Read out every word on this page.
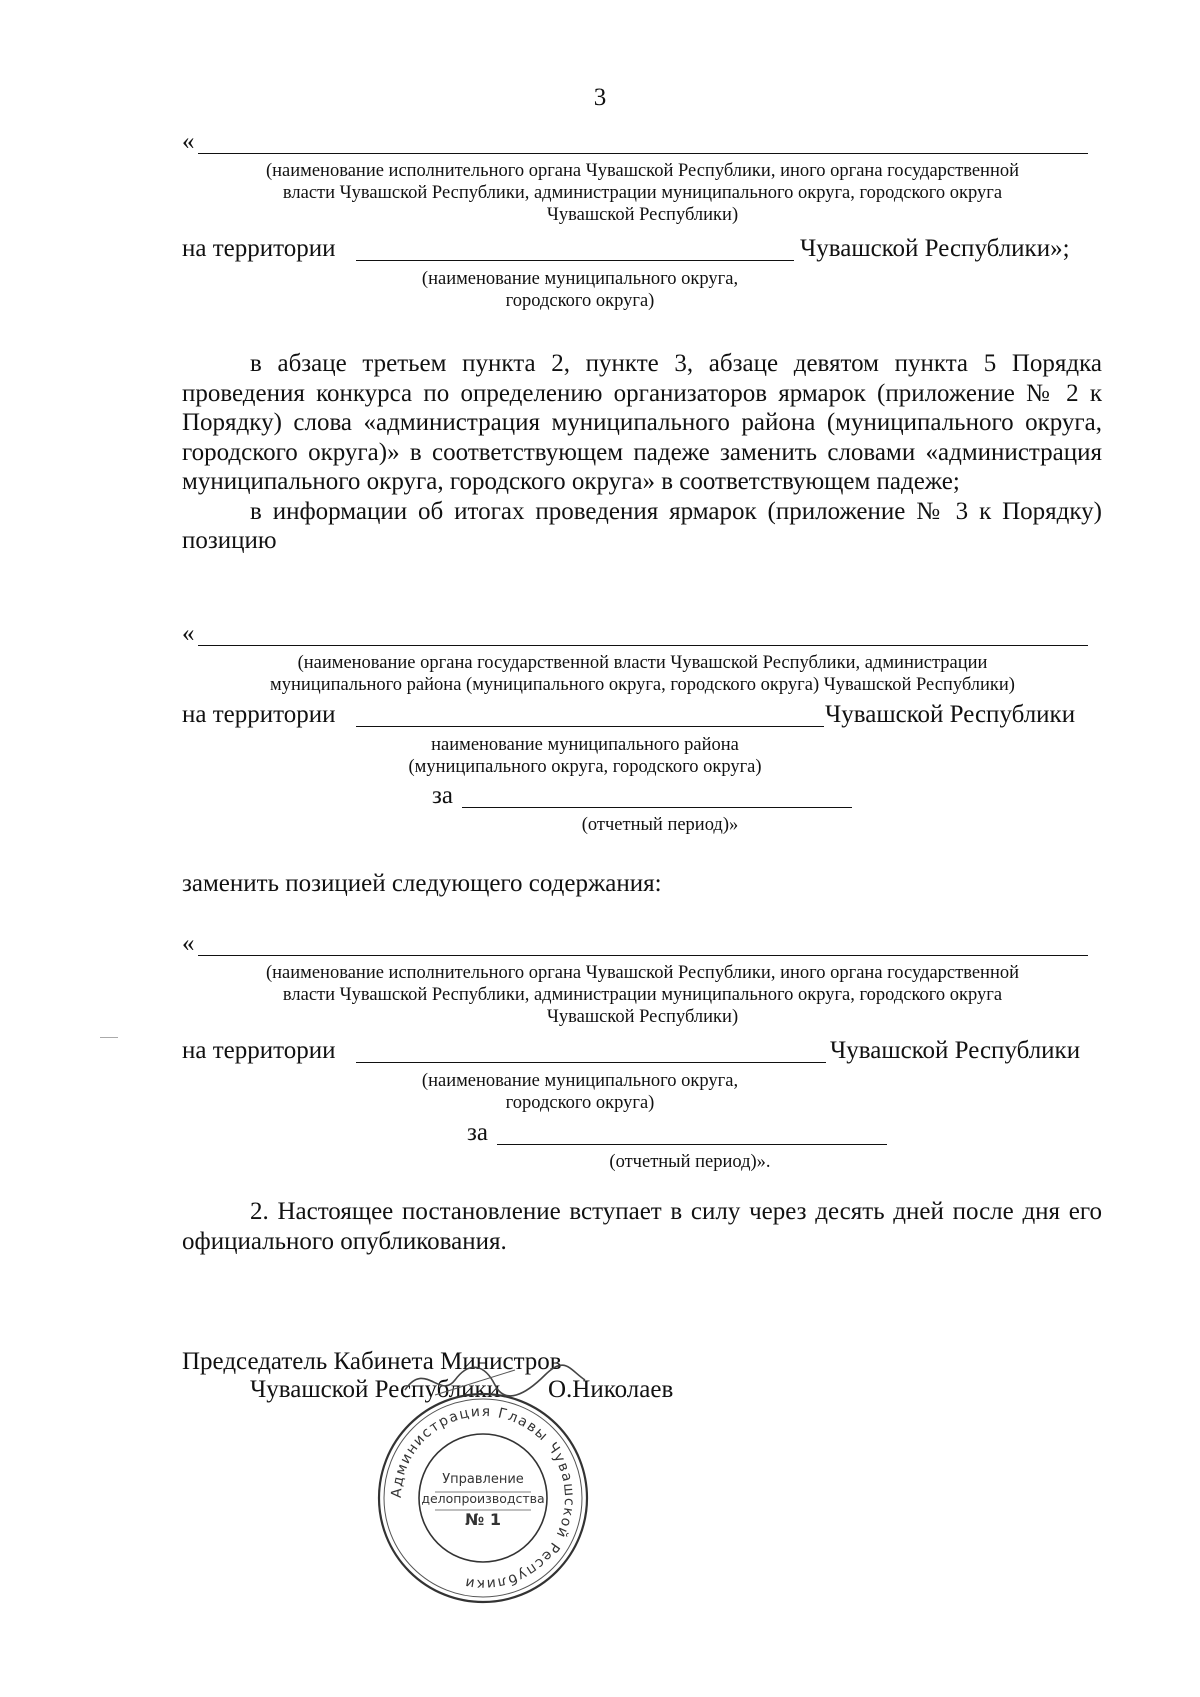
3
«
(наименование исполнительного органа Чувашской Республики, иного органа государственной
власти Чувашской Республики, администрации муниципального округа, городского округа
Чувашской Республики)
на территории	Чувашской Республики»;
(наименование муниципального округа,
городского округа)

в абзаце третьем пункта 2, пункте 3, абзаце девятом пункта 5 Порядка проведения конкурса по определению организаторов ярмарок (приложение № 2 к Порядку) слова «администрация муниципального района (муниципального округа, городского округа)» в соответствующем падеже заменить словами «администрация муниципального округа, городского округа» в соответствующем падеже;

в информации об итогах проведения ярмарок (приложение № 3 к Порядку) позицию

«
(наименование органа государственной власти Чувашской Республики, администрации
муниципального района (муниципального округа, городского округа) Чувашской Республики)
на территории	Чувашской Республики
наименование муниципального района
(муниципального округа, городского округа)
за
(отчетный период)»
заменить позицией следующего содержания:
«
(наименование исполнительного органа Чувашской Республики, иного органа государственной
власти Чувашской Республики, администрации муниципального округа, городского округа
Чувашской Республики)
на территории	Чувашской Республики
(наименование муниципального округа,
городского округа)
за
(отчетный период)».

2. Настоящее постановление вступает в силу через десять дней после дня его официального опубликования.

Председатель Кабинета Министров
Чувашской Республики О.Николаев
Администрация Главы Чувашской Республики
Управление
делопроизводства
№ 1
